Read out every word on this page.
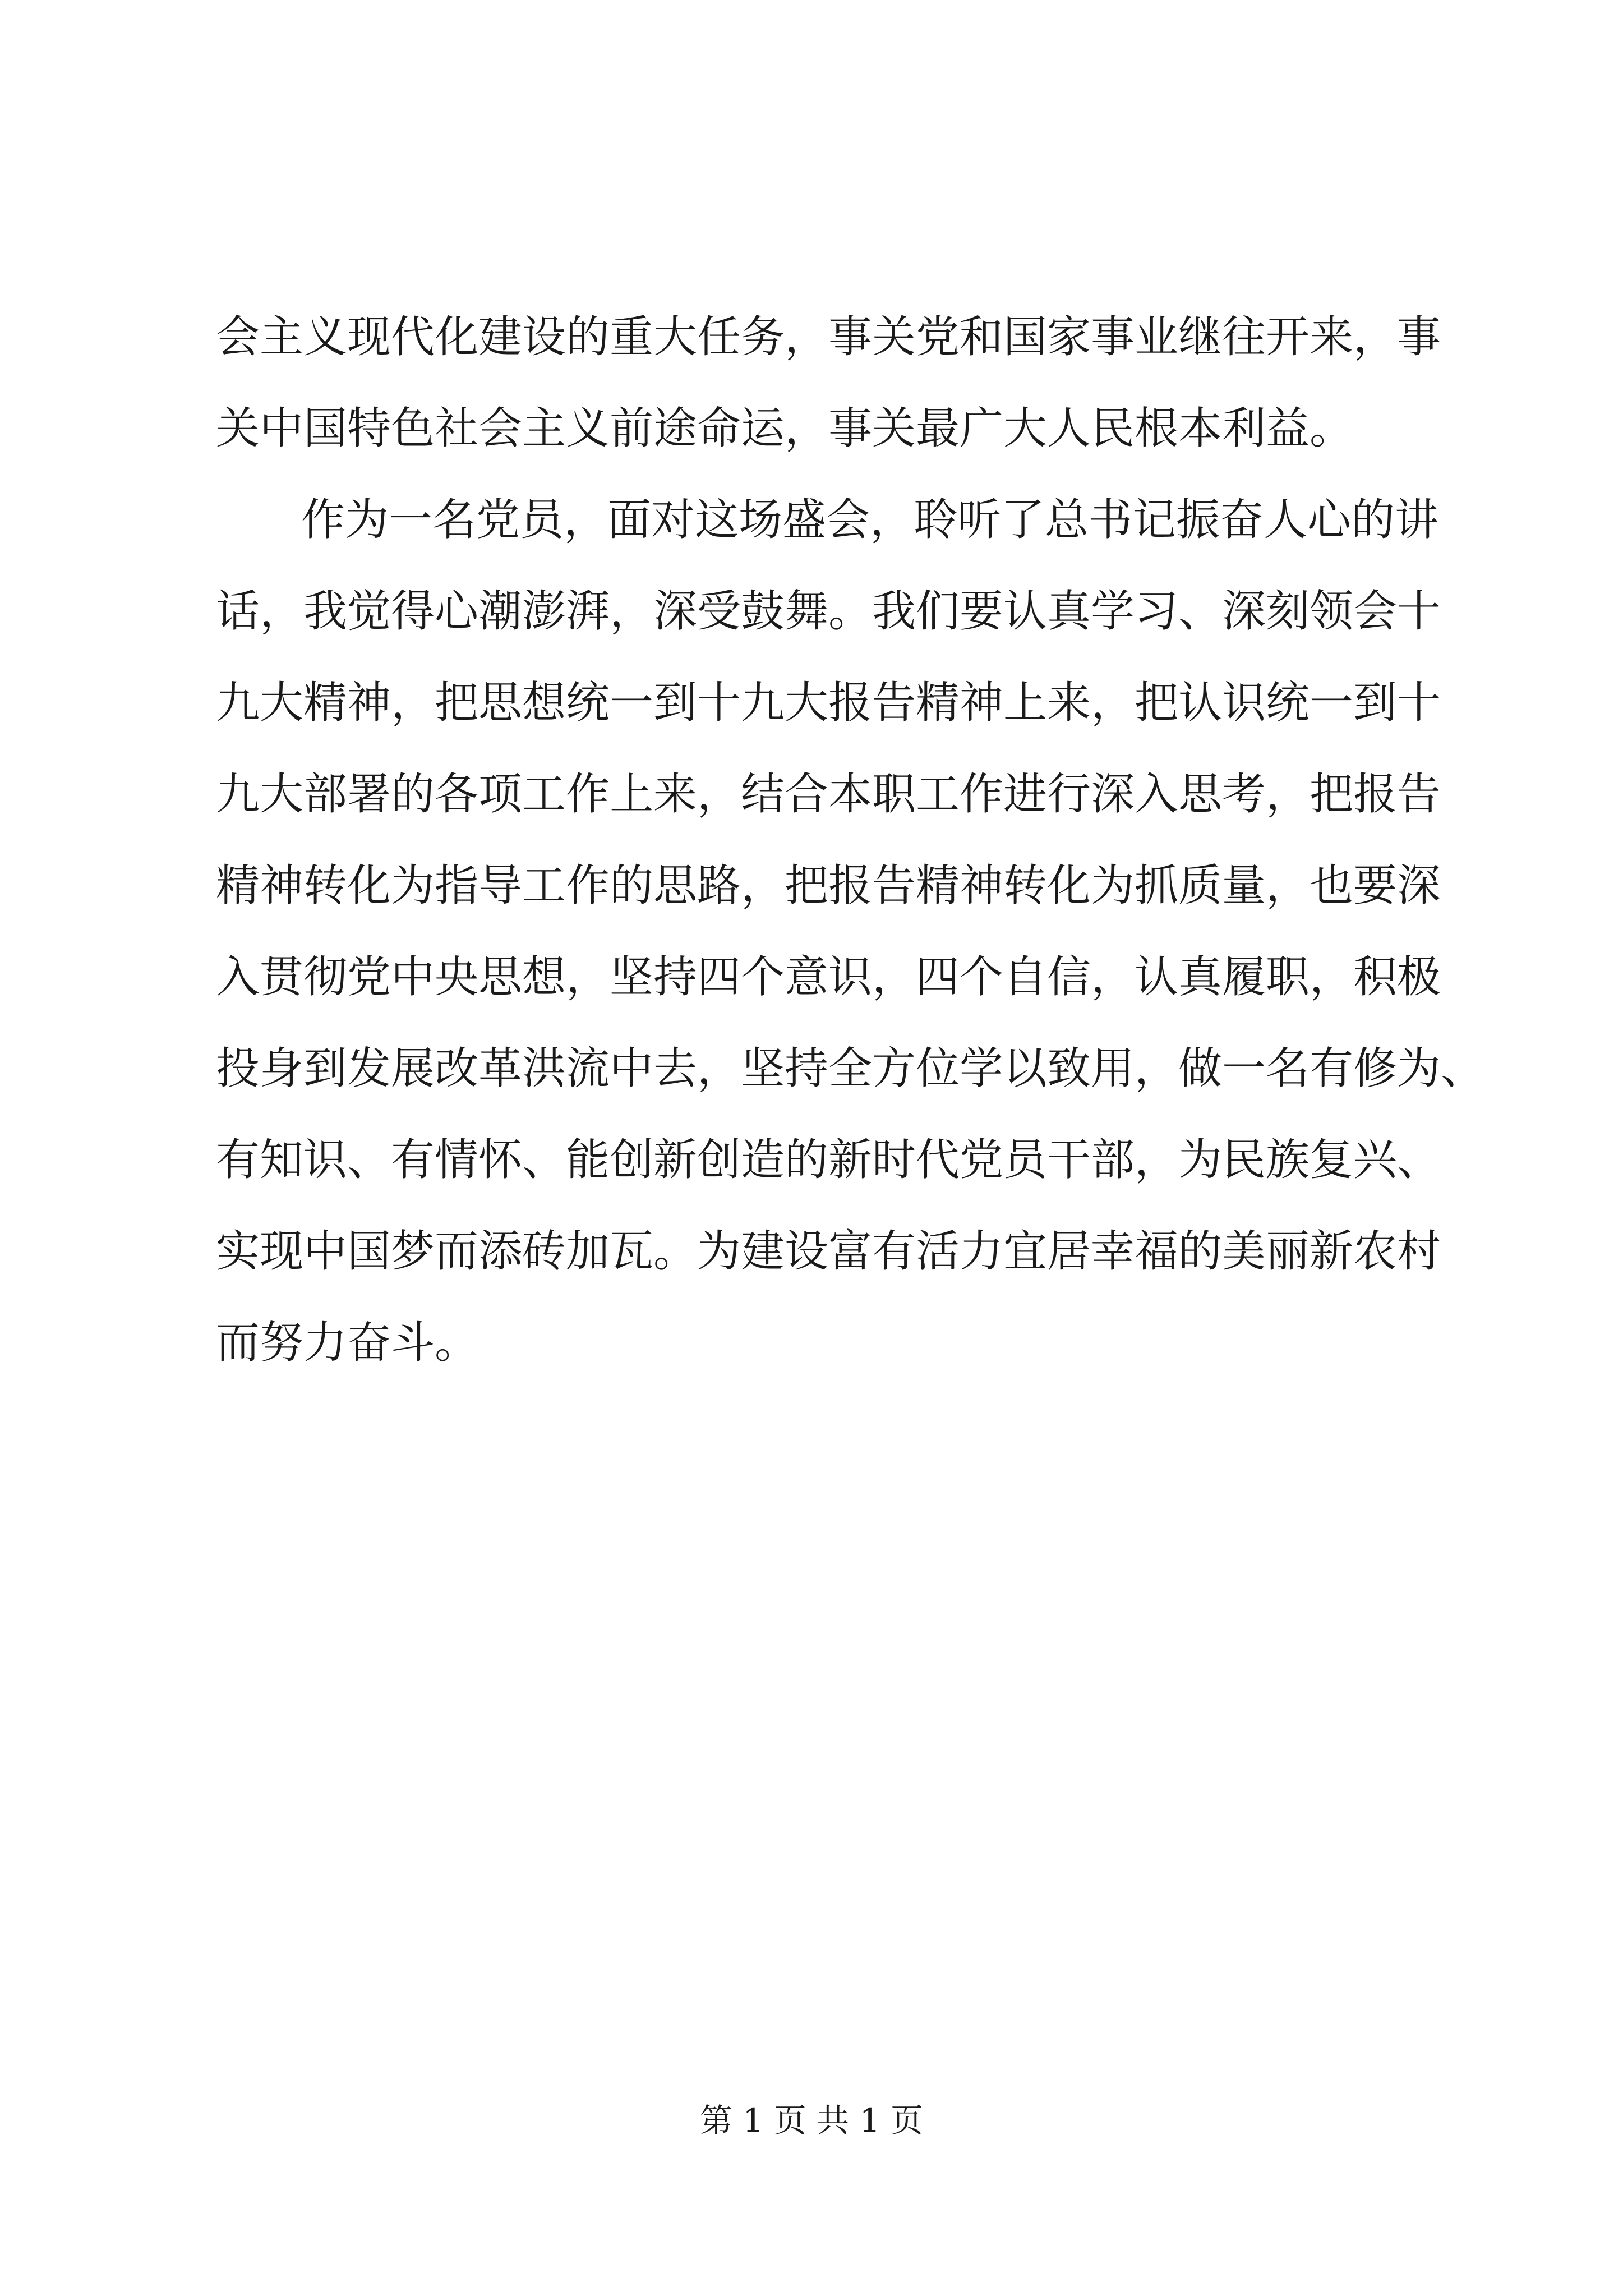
会主义现代化建设的重大任务，事关党和国家事业继往开来，事
关中国特色社会主义前途命运，事关最广大人民根本利益。
作为一名党员，面对这场盛会，聆听了总书记振奋人心的讲
话，我觉得心潮澎湃，深受鼓舞。我们要认真学习、深刻领会十
九大精神，把思想统一到十九大报告精神上来，把认识统一到十
九大部署的各项工作上来，结合本职工作进行深入思考，把报告
精神转化为指导工作的思路，把报告精神转化为抓质量，也要深
入贯彻党中央思想，坚持四个意识，四个自信，认真履职，积极
投身到发展改革洪流中去，坚持全方位学以致用，做一名有修为、
有知识、有情怀、能创新创造的新时代党员干部，为民族复兴、
实现中国梦而添砖加瓦。为建设富有活力宜居幸福的美丽新农村
而努力奋斗。
第 1 页 共 1 页
